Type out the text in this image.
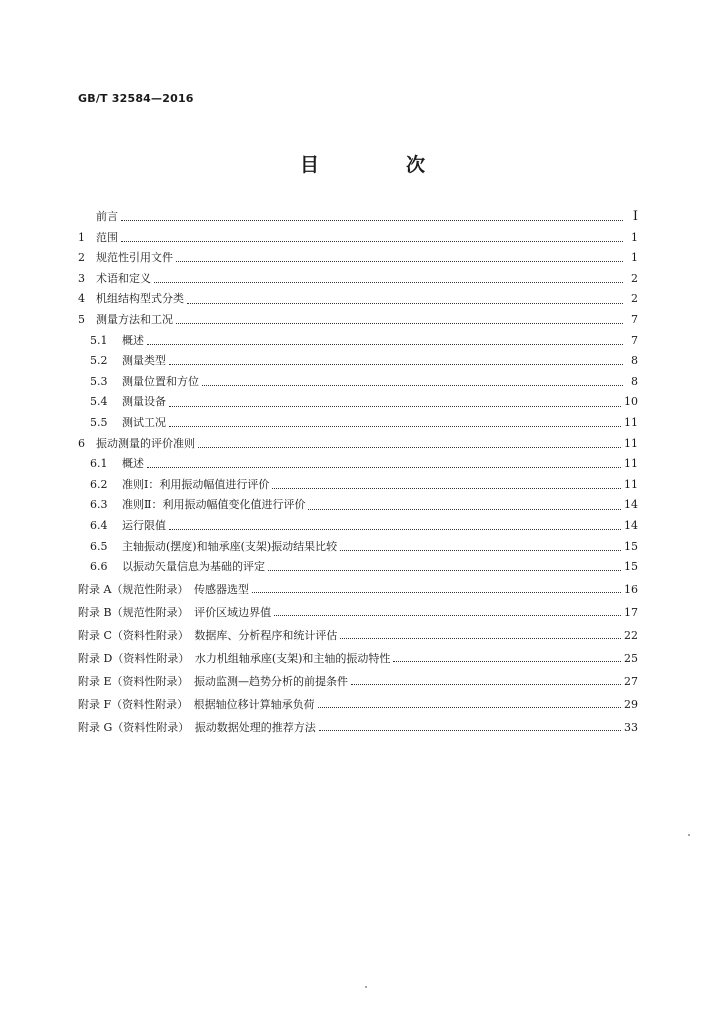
GB/T 32584—2016
目　次
前言	Ⅰ
1	范围	1
2	规范性引用文件	1
3	术语和定义	2
4	机组结构型式分类	2
5	测量方法和工况	7
5.1	概述	7
5.2	测量类型	8
5.3	测量位置和方位	8
5.4	测量设备	10
5.5	测试工况	11
6	振动测量的评价准则	11
6.1	概述	11
6.2	准则Ⅰ：利用振动幅值进行评价	11
6.3	准则Ⅱ：利用振动幅值变化值进行评价	14
6.4	运行限值	14
6.5	主轴振动(摆度)和轴承座(支架)振动结果比较	15
6.6	以振动矢量信息为基础的评定	15
附录 A（规范性附录）　传感器选型	16
附录 B（规范性附录）　评价区域边界值	17
附录 C（资料性附录）　数据库、分析程序和统计评估	22
附录 D（资料性附录）　水力机组轴承座(支架)和主轴的振动特性	25
附录 E（资料性附录）　振动监测—趋势分析的前提条件	27
附录 F（资料性附录）　根据轴位移计算轴承负荷	29
附录 G（资料性附录）　振动数据处理的推荐方法	33
